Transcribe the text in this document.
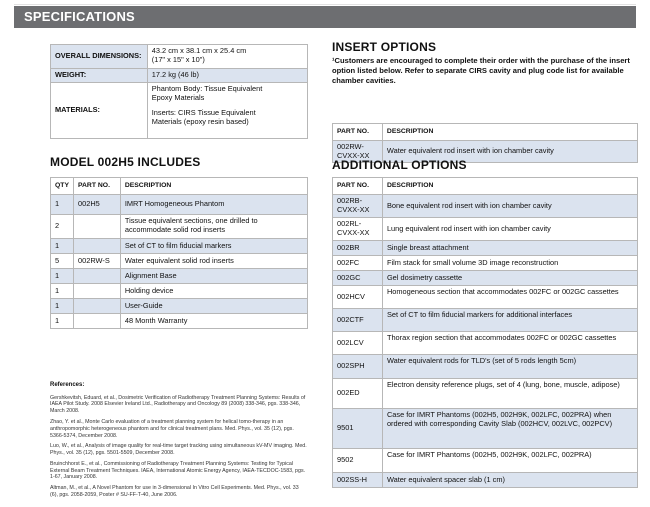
SPECIFICATIONS
OVERALL DIMENSIONS:	43.2 cm x 38.1 cm x 25.4 cm
(17" x 15" x 10")

WEIGHT:	17.2 kg (46 lb)
MATERIALS:	Phantom Body: Tissue Equivalent
Epoxy Materials
Inserts: CIRS Tissue Equivalent
Materials (epoxy resin based)
MODEL 002H5 INCLUDES
QTY	PART NO.	DESCRIPTION
1	002H5	IMRT Homogeneous Phantom
2		Tissue equivalent sections, one drilled to accommodate solid rod inserts
1		Set of CT to film fiducial markers
5	002RW-S	Water equivalent solid rod inserts
1		Alignment Base
1		Holding device
1		User-Guide
1		48 Month Warranty
References:
Gershkevitsh, Eduard, et al., Dosimetric Verification of Radiotherapy Treatment Planning Systems: Results of IAEA Pilot Study. 2008 Elsevier Ireland Ltd., Radiotherapy and Oncology 89 (2008) 338-346, pgs. 338-346, March 2008.
Zhao, Y. et al., Monte Carlo evaluation of a treatment planning system for helical tomo-therapy in an anthropomorphic heterogeneous phantom and for clinical treatment plans. Med. Phys., vol. 35 (12), pgs. 5366-5374, December 2008.
Luo, W., et al., Analysis of image quality for real-time target tracking using simultaneous kV-MV imaging. Med. Phys., vol. 35 (12), pgs. 5501-5509, December 2008.
Bruinchhorst E., et al., Commissioning of Radiotherapy Treatment Planning Systems: Testing for Typical External Beam Treatment Techniques. IAEA, International Atomic Energy Agency, IAEA-TECDOC-1583, pgs. 1-67, January 2008.
Altman, M., et al., A Novel Phantom for use in 3-dimensional In Vitro Cell Experiments. Med. Phys., vol. 33 (6), pgs. 2058-2059, Poster # SU-FF-T-40, June 2006.
INSERT OPTIONS
¹Customers are encouraged to complete their order with the purchase of the insert option listed below. Refer to separate CIRS cavity and plug code list for available chamber cavities.
PART NO.	DESCRIPTION
002RW-CVXX-XX	Water equivalent rod insert with ion chamber cavity
ADDITIONAL OPTIONS
PART NO.	DESCRIPTION
002RB-CVXX-XX	Bone equivalent rod insert with ion chamber cavity
002RL-CVXX-XX	Lung equivalent rod insert with ion chamber cavity
002BR	Single breast attachment
002FC	Film stack for small volume 3D image reconstruction
002GC	Gel dosimetry cassette
002HCV	Homogeneous section that accommodates 002FC or 002GC cassettes
002CTF	Set of CT to film fiducial markers for additional interfaces
002LCV	Thorax region section that accommodates 002FC or 002GC cassettes
002SPH	Water equivalent rods for TLD's (set of 5 rods length 5cm)
002ED	Electron density reference plugs, set of 4 (lung, bone, muscle, adipose)
9501	Case for IMRT Phantoms (002H5, 002H9K, 002LFC, 002PRA) when ordered with corresponding Cavity Slab (002HCV, 002LVC, 002PCV)
9502	Case for IMRT Phantoms (002H5, 002H9K, 002LFC, 002PRA)
002SS-H	Water equivalent spacer slab (1 cm)
